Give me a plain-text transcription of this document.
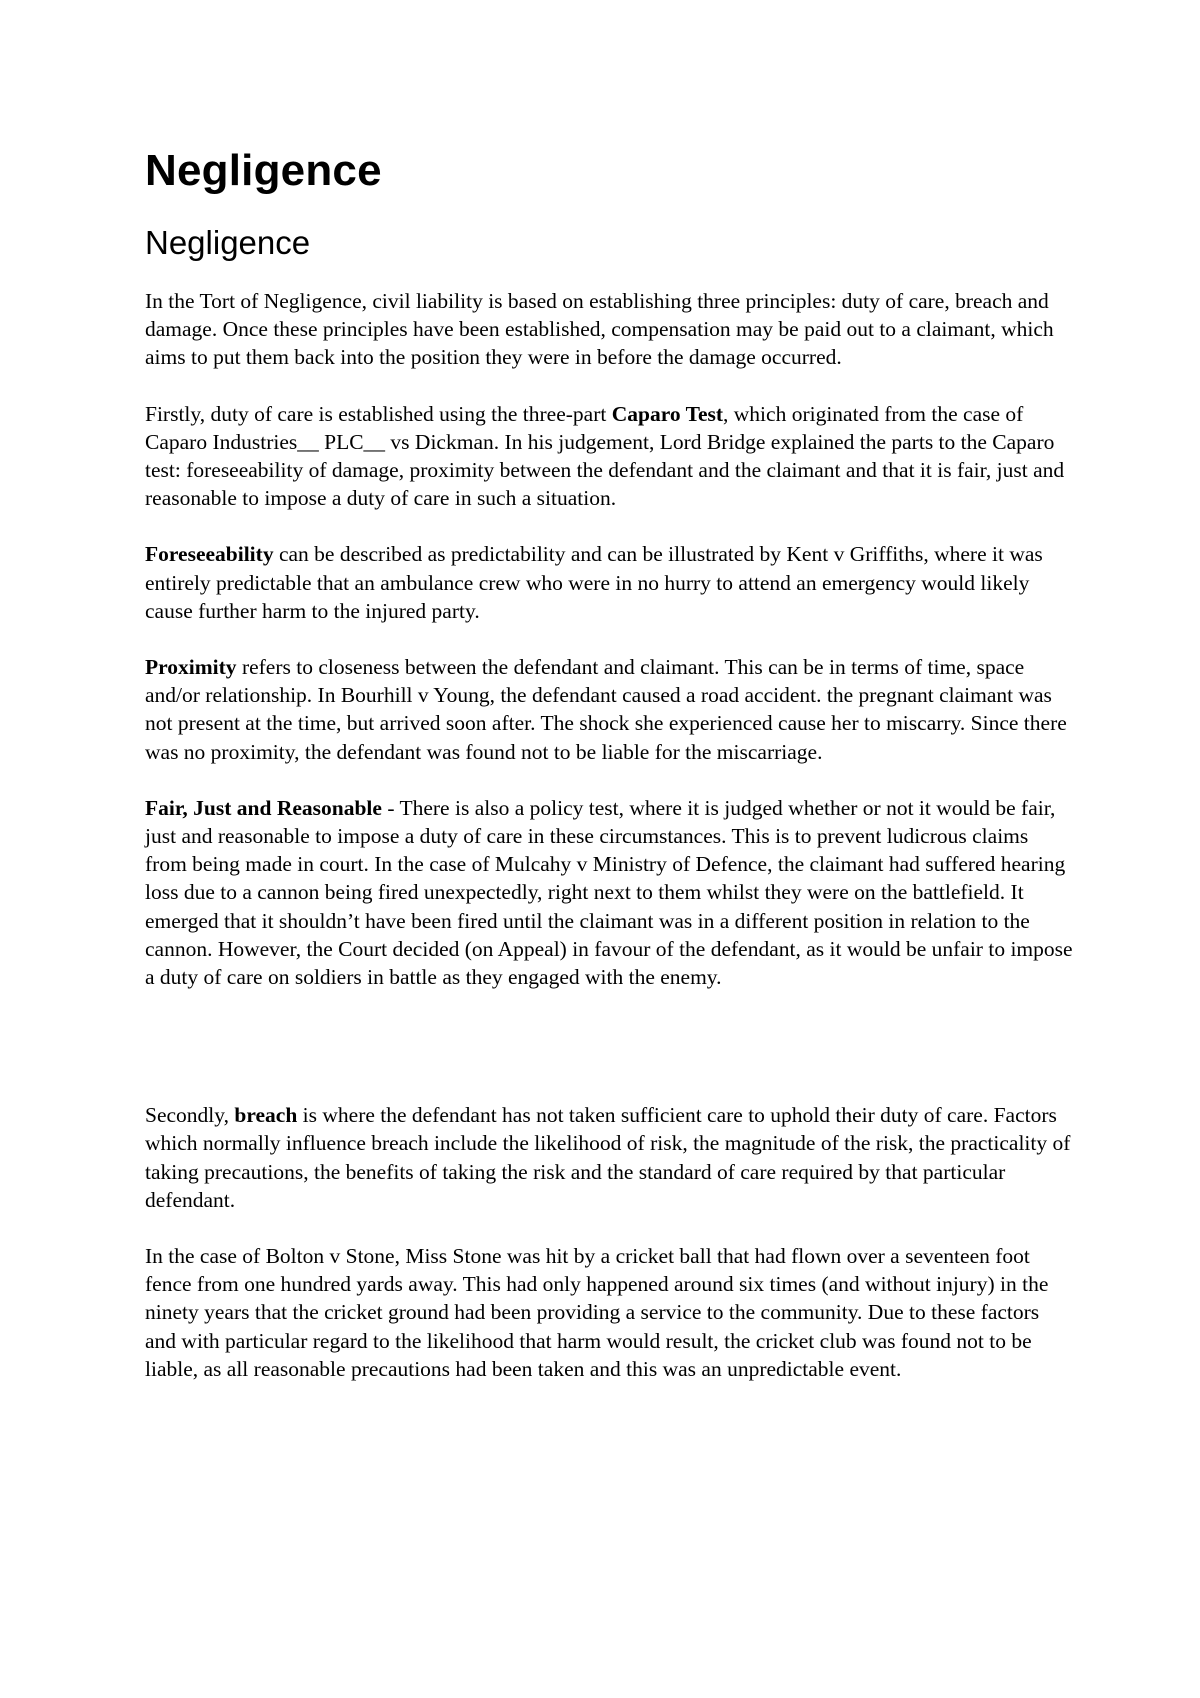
Negligence
Negligence

In the Tort of Negligence, civil liability is based on establishing three principles: duty of care, breach and damage. Once these principles have been established, compensation may be paid out to a claimant, which aims to put them back into the position they were in before the damage occurred.

Firstly, duty of care is established using the three-part Caparo Test, which originated from the case of Caparo Industries__ PLC__ vs Dickman. In his judgement, Lord Bridge explained the parts to the Caparo test: foreseeability of damage, proximity between the defendant and the claimant and that it is fair, just and reasonable to impose a duty of care in such a situation.

Foreseeability can be described as predictability and can be illustrated by Kent v Griffiths, where it was entirely predictable that an ambulance crew who were in no hurry to attend an emergency would likely cause further harm to the injured party.

Proximity refers to closeness between the defendant and claimant. This can be in terms of time, space and/or relationship. In Bourhill v Young, the defendant caused a road accident. the pregnant claimant was not present at the time, but arrived soon after. The shock she experienced cause her to miscarry. Since there was no proximity, the defendant was found not to be liable for the miscarriage.

Fair, Just and Reasonable - There is also a policy test, where it is judged whether or not it would be fair, just and reasonable to impose a duty of care in these circumstances. This is to prevent ludicrous claims from being made in court. In the case of Mulcahy v Ministry of Defence, the claimant had suffered hearing loss due to a cannon being fired unexpectedly, right next to them whilst they were on the battlefield. It emerged that it shouldn’t have been fired until the claimant was in a different position in relation to the cannon. However, the Court decided (on Appeal) in favour of the defendant, as it would be unfair to impose a duty of care on soldiers in battle as they engaged with the enemy.

Secondly, breach is where the defendant has not taken sufficient care to uphold their duty of care. Factors which normally influence breach include the likelihood of risk, the magnitude of the risk, the practicality of taking precautions, the benefits of taking the risk and the standard of care required by that particular defendant.

In the case of Bolton v Stone, Miss Stone was hit by a cricket ball that had flown over a seventeen foot fence from one hundred yards away. This had only happened around six times (and without injury) in the ninety years that the cricket ground had been providing a service to the community. Due to these factors and with particular regard to the likelihood that harm would result, the cricket club was found not to be liable, as all reasonable precautions had been taken and this was an unpredictable event.
